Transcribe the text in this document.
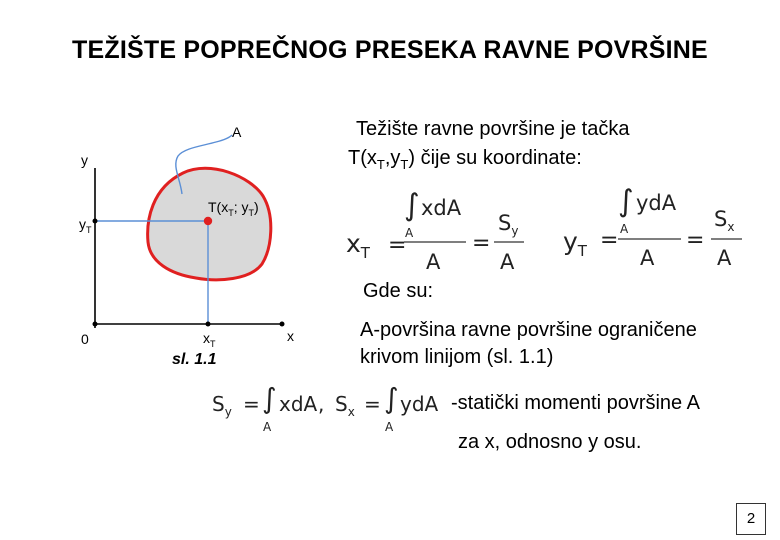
TEŽIŠTE POPREČNOG PRESEKA RAVNE POVRŠINE
A
y
$y_T$
0	$x_T$	x
$T(x_T$; $y_T$)
sl. 1.1
Težište ravne površine je tačka
$T(x_T,y_T)$ čije su koordinate:
$x_T$ =
∫ xdA
A
A
=
$S_y$
A
$y_T$ =
∫ ydA
A
A
=
$S_x$
A
Gde su:
A-površina ravne površine ograničene
krivom linijom (sl. 1.1)
$S_y$ = ∫ xdA
A
, $S_x$ = ∫ ydA
A
-statički momenti površine A
za x, odnosno y osu.
2
